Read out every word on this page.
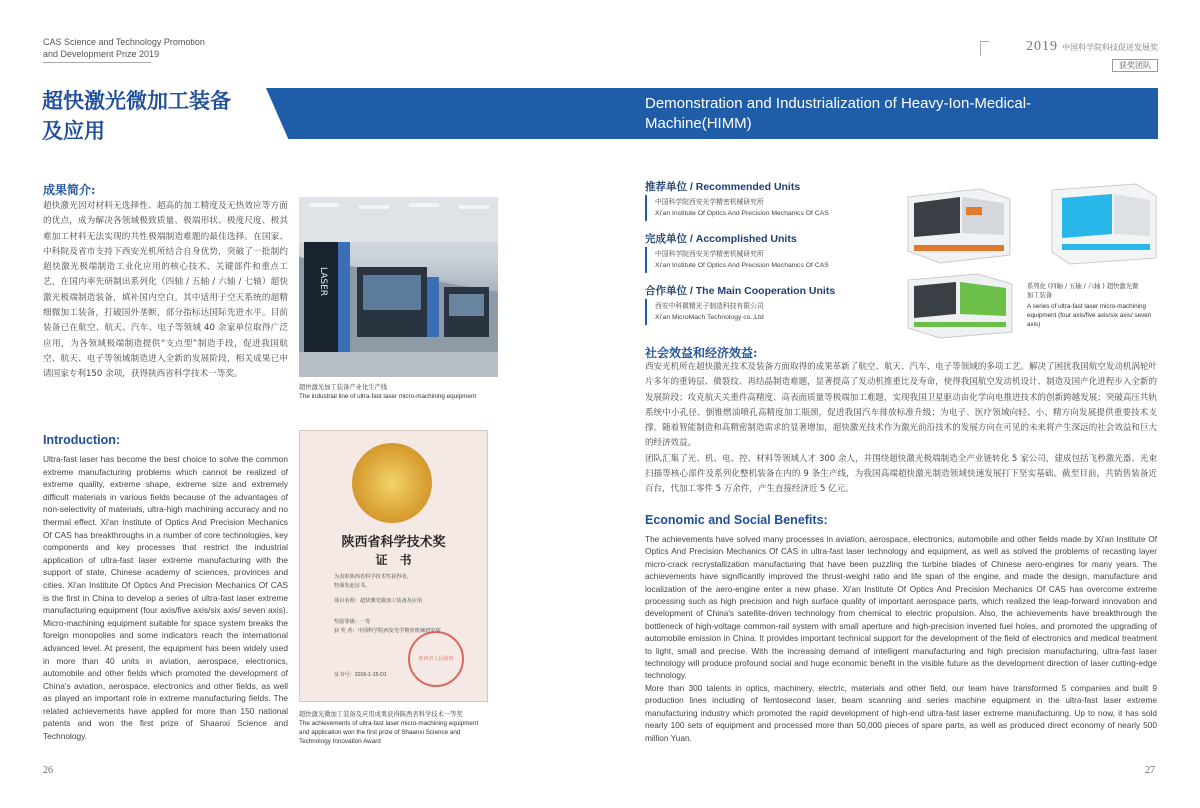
CAS Science and Technology Promotion
and Development Prize 2019	2019 中国科学院科技促进发展奖
获奖团队
超快激光微加工装备
及应用
Demonstration and Industrialization of Heavy-Ion-Medical-Machine(HIMM)
成果简介:
超快激光因对材料无选择性、超高的加工精度及无热效应等方面的优点，成为解决各领域极致质量、极端形状、极度尺度、极其难加工材料无法实现的共性极端制造难题的最佳选择。在国家、中科院及省市支持下西安光机所结合自身优势，突破了一批制约超快激光极端制造工业化应用的核心技术、关键部件和重点工艺，在国内率先研制出系列化（四轴 / 五轴 / 六轴 / 七轴）超快激光极端制造装备，填补国内空白。其中适用于空天系统的超精细微加工装备，打破国外垄断，部分指标达国际先进水平。目前装备已在航空、航天、汽车、电子等领域 40 余家单位取得广泛应用，为各领域极端制造提供“支点型”制造手段，促进我国航空、航天、电子等领域制造进入全新的发展阶段，相关成果已申请国家专利150 余项，获得陕西省科学技术一等奖。
Introduction:
Ultra-fast laser has become the best choice to solve the common extreme manufacturing problems which cannot be realized of extreme quality, extreme shape, extreme size and extremely difficult materials in various fields because of the advantages of non-selectivity of materials, ultra-high machining accuracy and no thermal effect. Xi'an Institute of Optics And Precision Mechanics Of CAS has breakthroughs in a number of core technologies, key components and key processes that restrict the industrial application of ultra-fast laser extreme manufacturing with the support of state, Chinese academy of sciences, provinces and cities. Xi'an Institute Of Optics And Precision Mechanics Of CAS is the first in China to develop a series of ultra-fast laser extreme manufacturing equipment (four axis/five axis/six axis/ seven axis). Micro-machining equipment suitable for space system breaks the foreign monopolies and some indicators reach the international advanced level. At present, the equipment has been widely used in more than 40 units in aviation, aerospace, electronics, automobile and other fields which promoted the development of China's aviation, aerospace, electronics and other fields, as well as played an important role in extreme manufacturing fields. The related achievements have applied for more than 150 national patents and won the first prize of Shaanxi Science and Technology.
26
LASER
超快激光加工装备产业化生产线
The industrial line of ultra-fast laser micro-machining equipment
陕西省科学技术奖
证　书
为表彰陕西省科学技术奖获得者，
特颁发此证书。
项目名称：超快激光微加工装备及应用
奖励等级：一等
获 奖 者：中国科学院西安光学精密机械研究所
陕西省人民政府
证书号：2016-1-15-D1
超快激光微加工装备及应用成果获得陕西省科学技术一等奖
The achievements of ultra-fast laser micro-machining equipment
and application won the first prize of Shaanxi Science and
Technology Innovation Award
推荐单位 / Recommended Units
中国科学院西安光学精密机械研究所
Xi’an Institute Of Optics And Precision Mechanics Of CAS
完成单位 / Accomplished Units
中国科学院西安光学精密机械研究所
Xi’an Institute Of Optics And Precision Mechanics Of CAS
合作单位 / The Main Cooperation Units
西安中科微精光子制造科技有限公司
Xi’an MicroMach Technology co.,Ltd
系列化 (四轴 / 五轴 / 六轴 ) 超快激光微
加工装备
A series of ultra-fast laser micro-machining equipment (four axis/five axis/six axis/ seven axis)
社会效益和经济效益:
西安光机所在超快激光技术及装备方面取得的成果革新了航空、航天、汽车、电子等领域的多项工艺。解决了困扰我国航空发动机涡轮叶片多年的重铸层、微裂纹、再结晶制造难题，显著提高了发动机推重比及寿命，使得我国航空发动机设计、制造及国产化进程步入全新的发展阶段；攻克航天关重件高精度、高表面质量等极端加工难题，实现我国卫星驱动由化学向电推进技术的创新跨越发展；突破高压共轨系统中小孔径、倒锥燃油喷孔高精度加工瓶颈，促进我国汽车排放标准升级；为电子、医疗领域向轻、小、精方向发展提供重要技术支撑。随着智能制造和高精密制造需求的显著增加，超快激光技术作为激光前沿技术的发展方向在可见的未来将产生深远的社会效益和巨大的经济效益。
团队汇集了光、机、电、控、材料等领域人才 300 余人，并围绕超快激光极端制造全产业链转化 5 家公司，建成包括飞秒激光器、光束扫描等核心部件及系列化整机装备在内的 9 条生产线，为我国高端超快激光制造领域快速发展打下坚实基础。截至目前，共销售装备近百台，代加工零件 5 万余件，产生直接经济近 5 亿元。
Economic and Social Benefits:
The achievements have solved many processes in aviation, aerospace, electronics, automobile and other fields made by Xi'an Institute Of Optics And Precision Mechanics Of CAS in ultra-fast laser technology and equipment, as well as solved the problems of recasting layer micro-crack recrystallization manufacturing that have been puzzling the turbine blades of Chinese aero-engines for many years. The achievements have significantly improved the thrust-weight ratio and life span of the engine, and made the design, manufacture and localization of the aero-engine enter a new phase. Xi'an Institute Of Optics And Precision Mechanics Of CAS has overcome extreme processing such as high precision and high surface quality of important aerospace parts, which realized the leap-forward innovation and development of China's satellite-driven technology from chemical to electric propulsion. Also, the achievements have breakthrough the bottleneck of high-voltage common-rail system with small aperture and high-precision inverted fuel holes, and promoted the upgrading of automobile emission in China. It provides important technical support for the development of the field of electronics and medical treatment to light, small and precise. With the increasing demand of intelligent manufacturing and high precision manufacturing, ultra-fast laser technology will produce profound social and huge economic benefit in the visible future as the development direction of laser cutting-edge technology.
More than 300 talents in optics, machinery, electric, materials and other field, our team have transformed 5 companies and built 9 production lines including of femtosecond laser, beam scanning and series machine equipment in the ultra-fast laser extreme manufacturing industry which promoted the rapid development of high-end ultra-fast laser extreme manufacturing. Up to now, it has sold nearly 100 sets of equipment and processed more than 50,000 pieces of spare parts, as well as produced direct economy of nearly 500 million Yuan.
27
